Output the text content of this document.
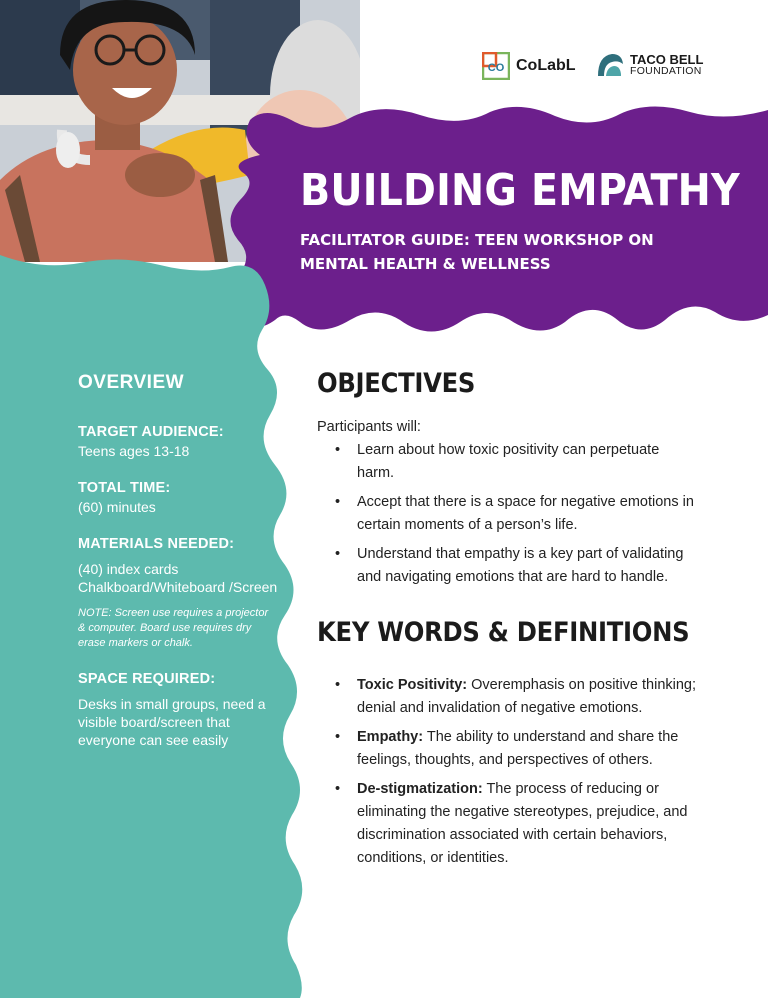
CO CoLabL	TACO BELL
FOUNDATION
BUILDING EMPATHY
FACILITATOR GUIDE: TEEN WORKSHOP ON MENTAL HEALTH & WELLNESS

OVERVIEW

TARGET AUDIENCE:

Teens ages 13-18

TOTAL TIME:

(60) minutes

MATERIALS NEEDED:

(40) index cards

Chalkboard/Whiteboard /Screen

NOTE: Screen use requires a projector & computer. Board use requires dry erase markers or chalk.

SPACE REQUIRED:

Desks in small groups, need a visible board/screen that everyone can see easily

OBJECTIVES

Participants will:

• Learn about how toxic positivity can perpetuate harm.
• Accept that there is a space for negative emotions in certain moments of a person’s life.
• Understand that empathy is a key part of validating and navigating emotions that are hard to handle.
KEY WORDS & DEFINITIONS
• Toxic Positivity: Overemphasis on positive thinking; denial and invalidation of negative emotions.
• Empathy: The ability to understand and share the feelings, thoughts, and perspectives of others.
• De-stigmatization: The process of reducing or eliminating the negative stereotypes, prejudice, and discrimination associated with certain behaviors, conditions, or identities.
